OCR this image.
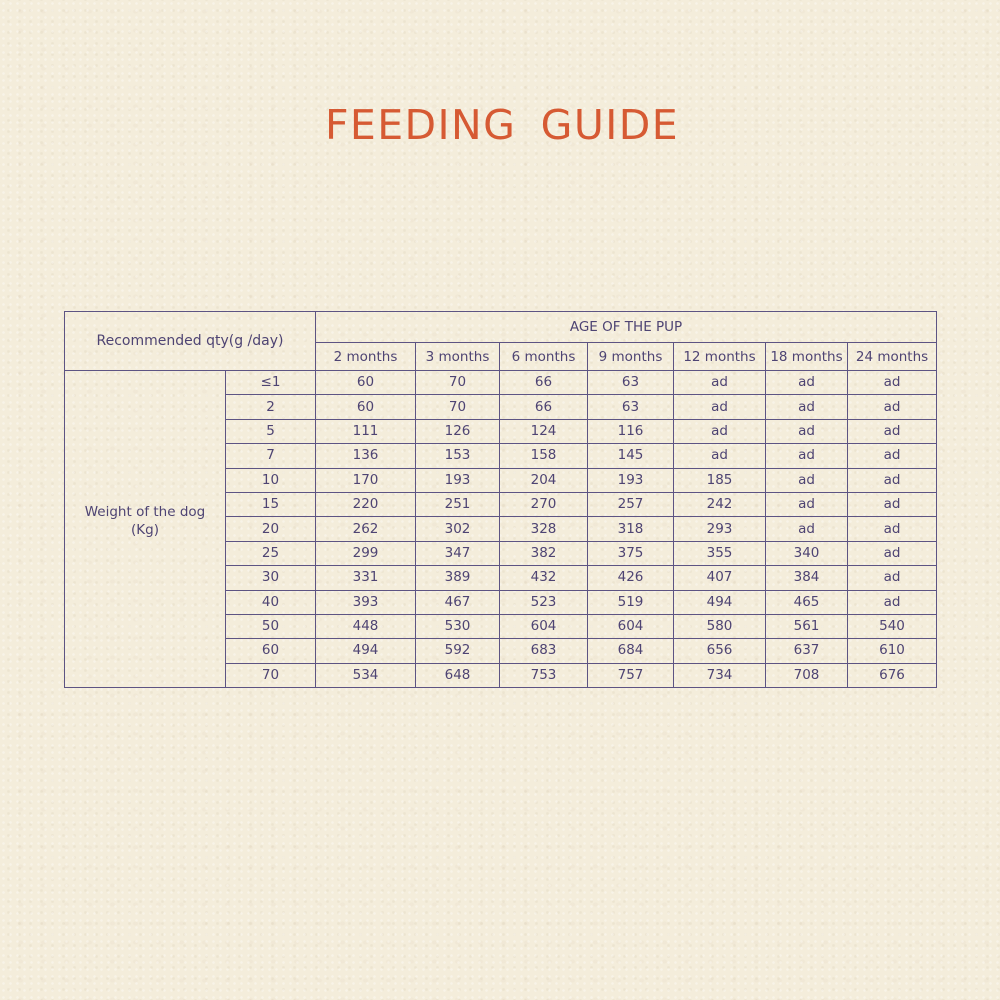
FEEDING GUIDE
Recommended qty(g /day)		AGE OF THE PUP						
		2 months	3 months	6 months	9 months	12 months	18 months	24 months

Weight of the dog
(Kg)	≤1	60	70	66	63	ad	ad	ad
	2	60	70	66	63	ad	ad	ad
	5	111	126	124	116	ad	ad	ad
	7	136	153	158	145	ad	ad	ad
	10	170	193	204	193	185	ad	ad
	15	220	251	270	257	242	ad	ad
	20	262	302	328	318	293	ad	ad
	25	299	347	382	375	355	340	ad
	30	331	389	432	426	407	384	ad
	40	393	467	523	519	494	465	ad
	50	448	530	604	604	580	561	540
	60	494	592	683	684	656	637	610
	70	534	648	753	757	734	708	676
